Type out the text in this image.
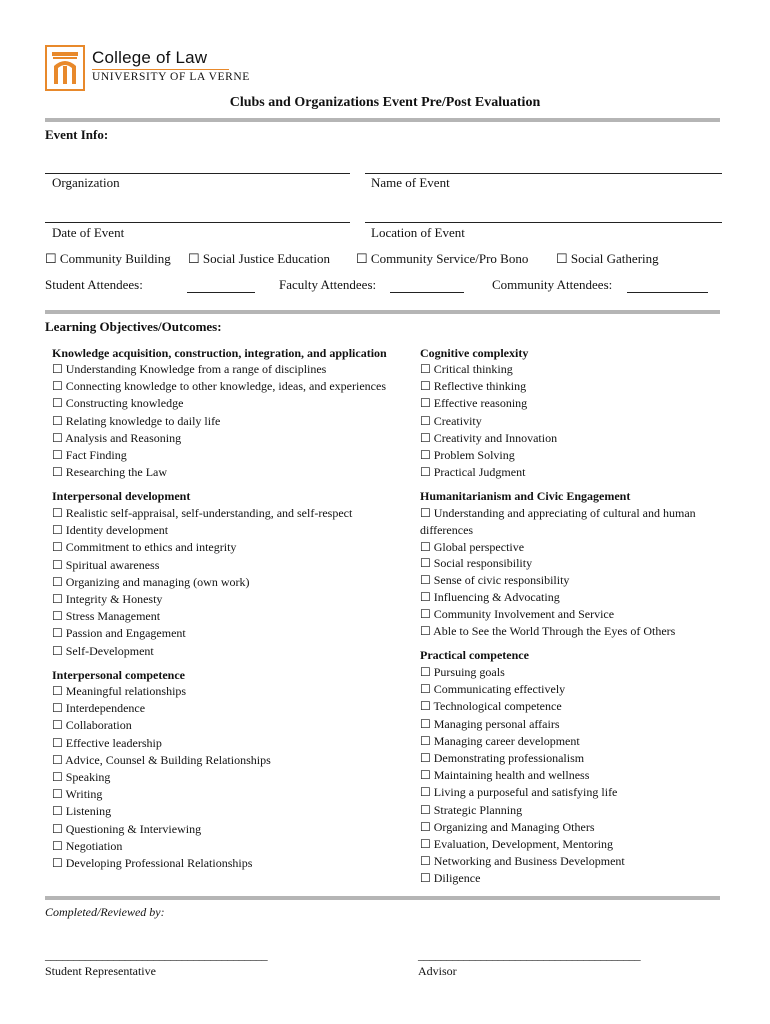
College of Law
UNIVERSITY OF LA VERNE
Clubs and Organizations Event Pre/Post Evaluation
Event Info:
Organization	Name of Event
Date of Event	Location of Event
☐ Community Building ☐ Social Justice Education ☐ Community Service/Pro Bono ☐ Social Gathering
Student Attendees:	Faculty Attendees:	Community Attendees:
Learning Objectives/Outcomes:
Knowledge acquisition, construction, integration, and application
☐ Understanding Knowledge from a range of disciplines
☐ Connecting knowledge to other knowledge, ideas, and experiences
☐ Constructing knowledge
☐ Relating knowledge to daily life
☐ Analysis and Reasoning
☐ Fact Finding
☐ Researching the Law
Interpersonal development
☐ Realistic self-appraisal, self-understanding, and self-respect
☐ Identity development
☐ Commitment to ethics and integrity
☐ Spiritual awareness
☐ Organizing and managing (own work)
☐ Integrity & Honesty
☐ Stress Management
☐ Passion and Engagement
☐ Self-Development
Interpersonal competence
☐ Meaningful relationships
☐ Interdependence
☐ Collaboration
☐ Effective leadership
☐ Advice, Counsel & Building Relationships
☐ Speaking
☐ Writing
☐ Listening
☐ Questioning & Interviewing
☐ Negotiation
☐ Developing Professional Relationships
Cognitive complexity
☐ Critical thinking
☐ Reflective thinking
☐ Effective reasoning
☐ Creativity
☐ Creativity and Innovation
☐ Problem Solving
☐ Practical Judgment
Humanitarianism and Civic Engagement
☐ Understanding and appreciating of cultural and human
differences
☐ Global perspective
☐ Social responsibility
☐ Sense of civic responsibility
☐ Influencing & Advocating
☐ Community Involvement and Service
☐ Able to See the World Through the Eyes of Others
Practical competence
☐ Pursuing goals
☐ Communicating effectively
☐ Technological competence
☐ Managing personal affairs
☐ Managing career development
☐ Demonstrating professionalism
☐ Maintaining health and wellness
☐ Living a purposeful and satisfying life
☐ Strategic Planning
☐ Organizing and Managing Others
☐ Evaluation, Development, Mentoring
☐ Networking and Business Development
☐ Diligence
Completed/Reviewed by:
_______________________________________	_______________________________________
Student Representative	Advisor
